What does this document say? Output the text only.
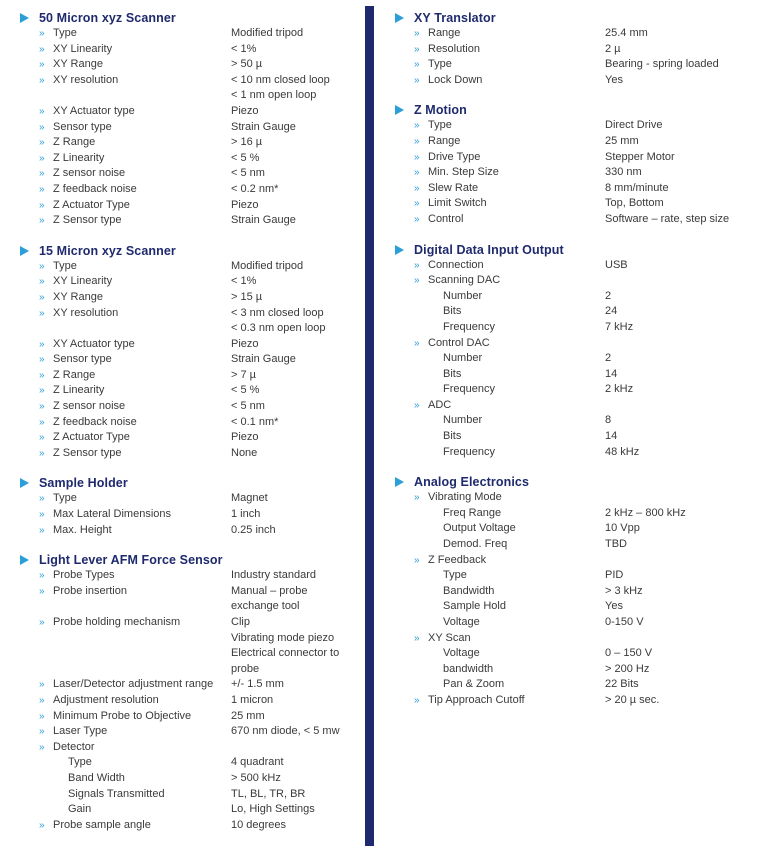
50 Micron xyz Scanner
» Type	Modified tripod
» XY Linearity	< 1%
» XY Range	> 50 µ
» XY resolution	< 10 nm closed loop
< 1 nm open loop
» XY Actuator type	Piezo
» Sensor type	Strain Gauge
» Z Range	> 16 µ
» Z Linearity	< 5 %
» Z sensor noise	< 5 nm
» Z feedback noise	< 0.2 nm*
» Z Actuator Type	Piezo
» Z Sensor type	Strain Gauge
15 Micron xyz Scanner
» Type	Modified tripod
» XY Linearity	< 1%
» XY Range	> 15 µ
» XY resolution	< 3 nm closed loop
< 0.3 nm open loop
» XY Actuator type	Piezo
» Sensor type	Strain Gauge
» Z Range	> 7 µ
» Z Linearity	< 5 %
» Z sensor noise	< 5 nm
» Z feedback noise	< 0.1 nm*
» Z Actuator Type	Piezo
» Z Sensor type	None
Sample Holder
» Type	Magnet
» Max Lateral Dimensions	1 inch
» Max. Height	0.25 inch
Light Lever AFM Force Sensor
» Probe Types	Industry standard
» Probe insertion	Manual – probe
exchange tool
» Probe holding mechanism	Clip
Vibrating mode piezo
Electrical connector to
probe
» Laser/Detector adjustment range +/- 1.5 mm
» Adjustment resolution	1 micron
» Minimum Probe to Objective	25 mm
» Laser Type	670 nm diode, < 5 mw
» Detector
Type	4 quadrant
Band Width	> 500 kHz
Signals Transmitted	TL, BL, TR, BR
Gain	Lo, High Settings
» Probe sample angle	10 degrees
XY Translator
» Range	25.4 mm
» Resolution	2 µ
» Type	Bearing - spring loaded
» Lock Down	Yes
Z Motion
» Type	Direct Drive
» Range	25 mm
» Drive Type	Stepper Motor
» Min. Step Size	330 nm
» Slew Rate	8 mm/minute
» Limit Switch	Top, Bottom
» Control	Software – rate, step size
Digital Data Input Output
» Connection	USB
» Scanning DAC
Number	2
Bits	24
Frequency	7 kHz
» Control DAC
Number	2
Bits	14
Frequency	2 kHz
» ADC
Number	8
Bits	14
Frequency	48 kHz
Analog Electronics
» Vibrating Mode
Freq Range	2 kHz – 800 kHz
Output Voltage	10 Vpp
Demod. Freq	TBD
» Z Feedback
Type	PID
Bandwidth	> 3 kHz
Sample Hold	Yes
Voltage	0-150 V
» XY Scan
Voltage	0 – 150 V
bandwidth	> 200 Hz
Pan & Zoom	22 Bits
» Tip Approach Cutoff	> 20 µ sec.
